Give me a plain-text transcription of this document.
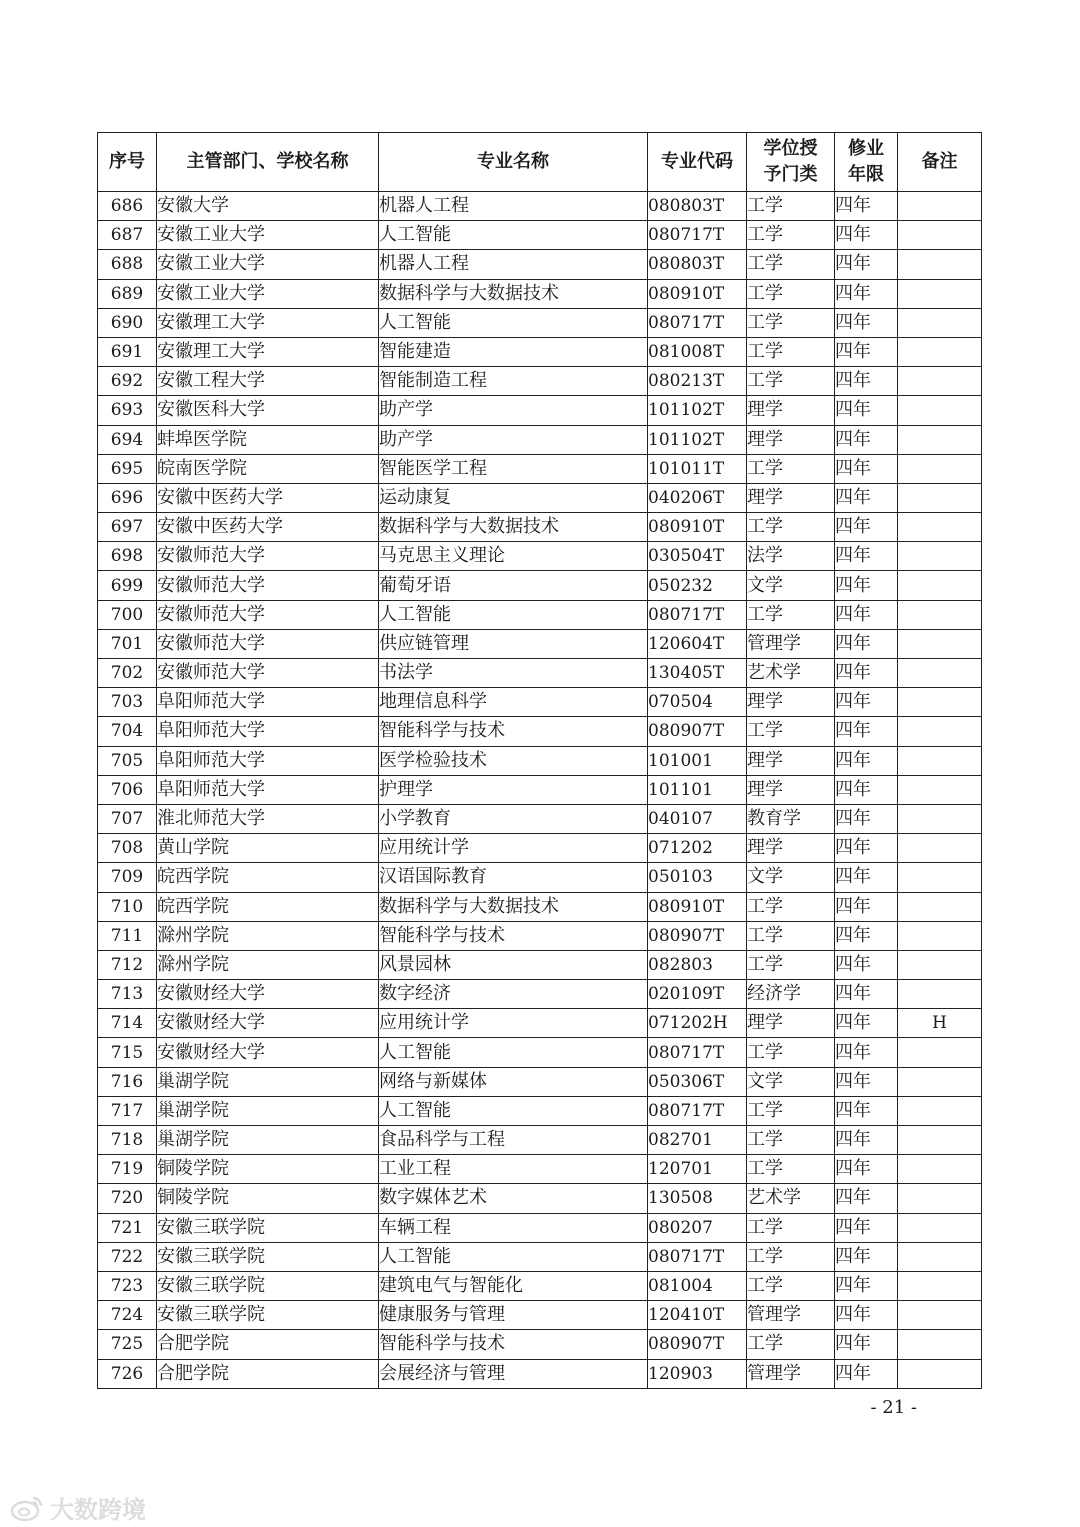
序号	主管部门、学校名称	专业名称	专业代码	学位授
予门类	修业
年限	备注
686	安徽大学	机器人工程	080803T	工学	四年	
687	安徽工业大学	人工智能	080717T	工学	四年	
688	安徽工业大学	机器人工程	080803T	工学	四年	
689	安徽工业大学	数据科学与大数据技术	080910T	工学	四年	
690	安徽理工大学	人工智能	080717T	工学	四年	
691	安徽理工大学	智能建造	081008T	工学	四年	
692	安徽工程大学	智能制造工程	080213T	工学	四年	
693	安徽医科大学	助产学	101102T	理学	四年	
694	蚌埠医学院	助产学	101102T	理学	四年	
695	皖南医学院	智能医学工程	101011T	工学	四年	
696	安徽中医药大学	运动康复	040206T	理学	四年	
697	安徽中医药大学	数据科学与大数据技术	080910T	工学	四年	
698	安徽师范大学	马克思主义理论	030504T	法学	四年	
699	安徽师范大学	葡萄牙语	050232	文学	四年	
700	安徽师范大学	人工智能	080717T	工学	四年	
701	安徽师范大学	供应链管理	120604T	管理学	四年	
702	安徽师范大学	书法学	130405T	艺术学	四年	
703	阜阳师范大学	地理信息科学	070504	理学	四年	
704	阜阳师范大学	智能科学与技术	080907T	工学	四年	
705	阜阳师范大学	医学检验技术	101001	理学	四年	
706	阜阳师范大学	护理学	101101	理学	四年	
707	淮北师范大学	小学教育	040107	教育学	四年	
708	黄山学院	应用统计学	071202	理学	四年	
709	皖西学院	汉语国际教育	050103	文学	四年	
710	皖西学院	数据科学与大数据技术	080910T	工学	四年	
711	滁州学院	智能科学与技术	080907T	工学	四年	
712	滁州学院	风景园林	082803	工学	四年	
713	安徽财经大学	数字经济	020109T	经济学	四年	
714	安徽财经大学	应用统计学	071202H	理学	四年	H
715	安徽财经大学	人工智能	080717T	工学	四年	
716	巢湖学院	网络与新媒体	050306T	文学	四年	
717	巢湖学院	人工智能	080717T	工学	四年	
718	巢湖学院	食品科学与工程	082701	工学	四年	
719	铜陵学院	工业工程	120701	工学	四年	
720	铜陵学院	数字媒体艺术	130508	艺术学	四年	
721	安徽三联学院	车辆工程	080207	工学	四年	
722	安徽三联学院	人工智能	080717T	工学	四年	
723	安徽三联学院	建筑电气与智能化	081004	工学	四年	
724	安徽三联学院	健康服务与管理	120410T	管理学	四年	
725	合肥学院	智能科学与技术	080907T	工学	四年	
726	合肥学院	会展经济与管理	120903	管理学	四年	
- 21 -
大数跨境
